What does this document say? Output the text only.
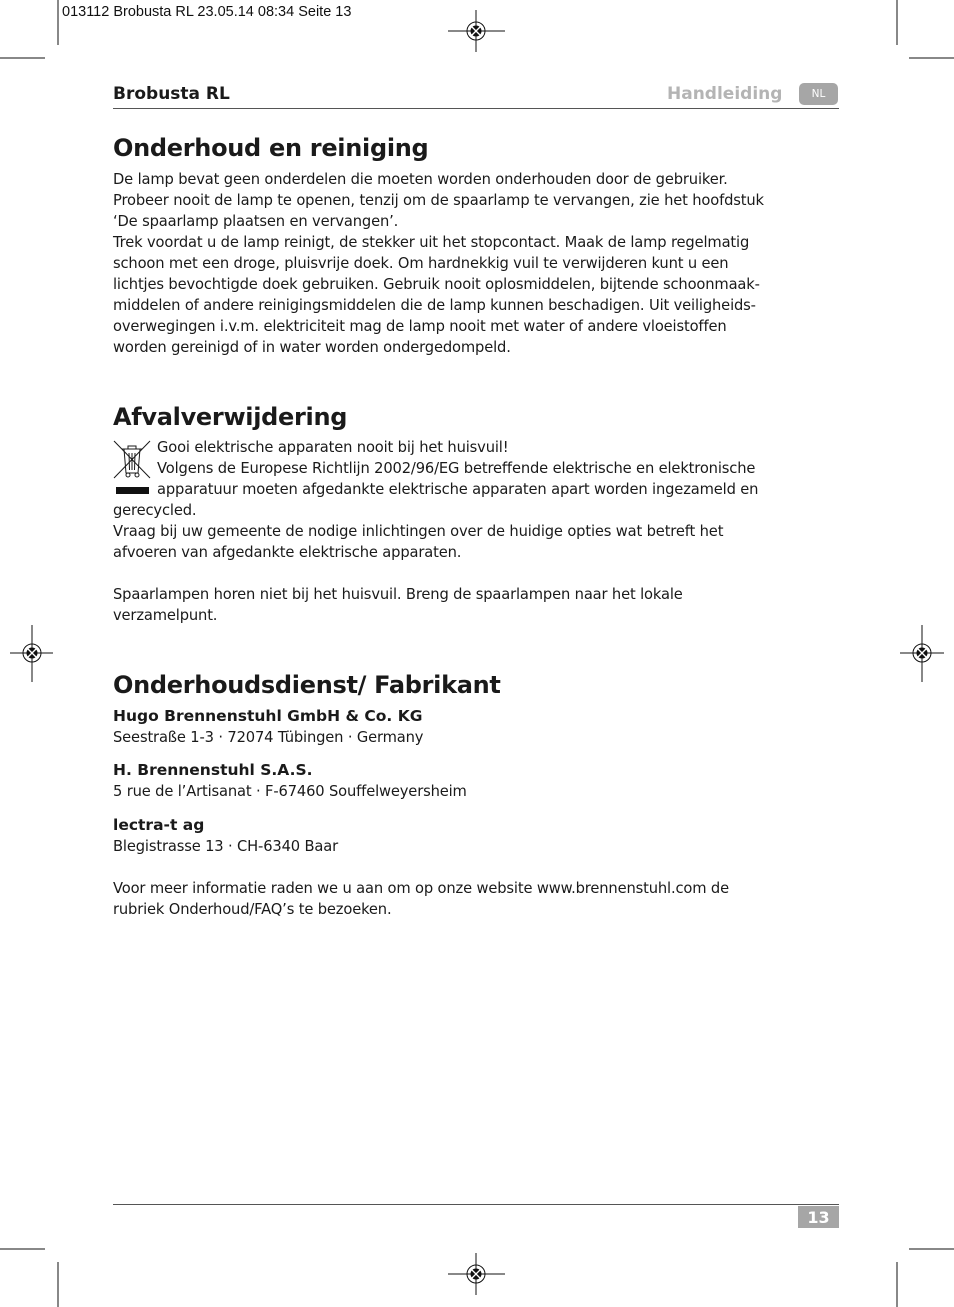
013112 Brobusta RL 23.05.14 08:34 Seite 13
Brobusta RL	Handleiding	NL
Onderhoud en reiniging
De lamp bevat geen onderdelen die moeten worden onderhouden door de gebruiker.
Probeer nooit de lamp te openen, tenzij om de spaarlamp te vervangen, zie het hoofdstuk
‘De spaarlamp plaatsen en vervangen’.
Trek voordat u de lamp reinigt, de stekker uit het stopcontact. Maak de lamp regelmatig
schoon met een droge, pluisvrije doek. Om hardnekkig vuil te verwijderen kunt u een
lichtjes bevochtigde doek gebruiken. Gebruik nooit oplosmiddelen, bijtende schoonmaak-
middelen of andere reinigingsmiddelen die de lamp kunnen beschadigen. Uit veiligheids-
overwegingen i.v.m. elektriciteit mag de lamp nooit met water of andere vloeistoffen
worden gereinigd of in water worden ondergedompeld.
Afvalverwijdering
Gooi elektrische apparaten nooit bij het huisvuil!
Volgens de Europese Richtlijn 2002/96/EG betreffende elektrische en elektronische
apparatuur moeten afgedankte elektrische apparaten apart worden ingezameld en
gerecycled.
Vraag bij uw gemeente de nodige inlichtingen over de huidige opties wat betreft het
afvoeren van afgedankte elektrische apparaten.
Spaarlampen horen niet bij het huisvuil. Breng de spaarlampen naar het lokale
verzamelpunt.
Onderhoudsdienst/ Fabrikant
Hugo Brennenstuhl GmbH & Co. KG
Seestraße 1-3 · 72074 Tübingen · Germany
H. Brennenstuhl S.A.S.
5 rue de l’Artisanat · F-67460 Souffelweyersheim
lectra-t ag
Blegistrasse 13 · CH-6340 Baar
Voor meer informatie raden we u aan om op onze website www.brennenstuhl.com de
rubriek Onderhoud/FAQ’s te bezoeken.
13
